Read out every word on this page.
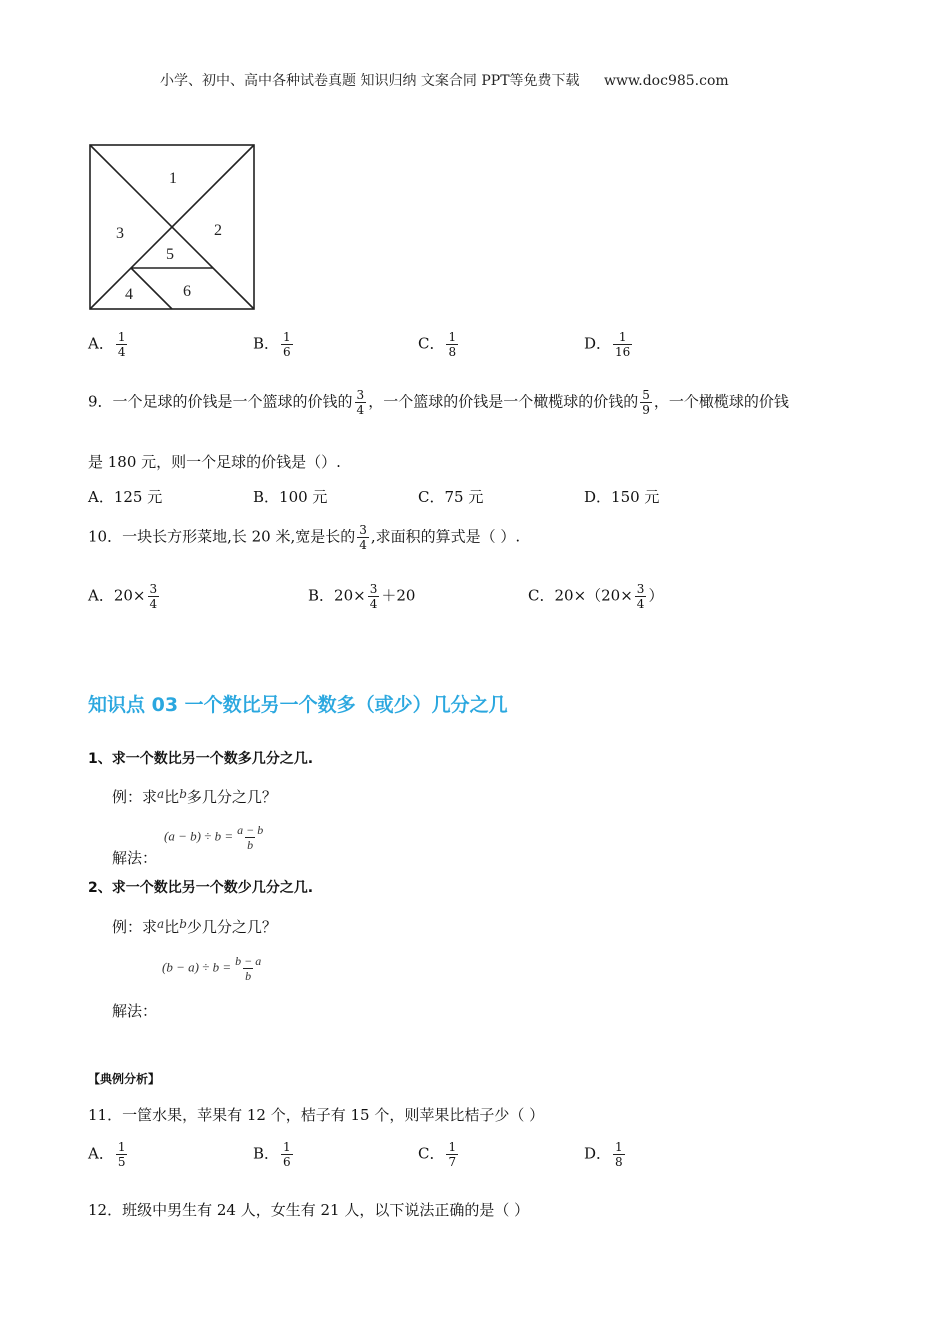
小学、初中、高中各种试卷真题 知识归纳 文案合同 PPT等免费下载 www.doc985.com
1
2
3
5
4	6
A． $\frac{1}{4}$	B． $\frac{1}{6}$	C． $\frac{1}{8}$	D． $\frac{1}{16}$
9．一个足球的价钱是一个篮球的价钱的 $\frac{3}{4}$ ，一个篮球的价钱是一个橄榄球的价钱的 $\frac{5}{9}$ ，一个橄榄球的价钱
是 180 元，则一个足球的价钱是（）.
A．125 元	B．100 元	C．75 元	D．150 元
10．一块长方形菜地,长 20 米,宽是长的 $\frac{3}{4}$ ,求面积的算式是（ ）.
A．$20\times \frac{3}{4}$	B．$20\times \frac{3}{4} +20$	C．$20\times(20\times \frac{3}{4}$ ）
知识点 03 一个数比另一个数多（或少）几分之几
1、求一个数比另一个数多几分之几.
例：求$^a$比$^b$多几分之几？
$(a - b) \div b = \frac{a - b}{b}$
解法：
2、求一个数比另一个数少几分之几.
例：求$^a$比$^b$少几分之几？
$(b - a) \div b = \frac{b - a}{b}$
解法：
【典例分析】
11．一筐水果，苹果有 12 个，桔子有 15 个，则苹果比桔子少（ ）
A． $\frac{1}{5}$	B． $\frac{1}{6}$	C． $\frac{1}{7}$	D． $\frac{1}{8}$
12．班级中男生有 24 人，女生有 21 人，以下说法正确的是（ ）
